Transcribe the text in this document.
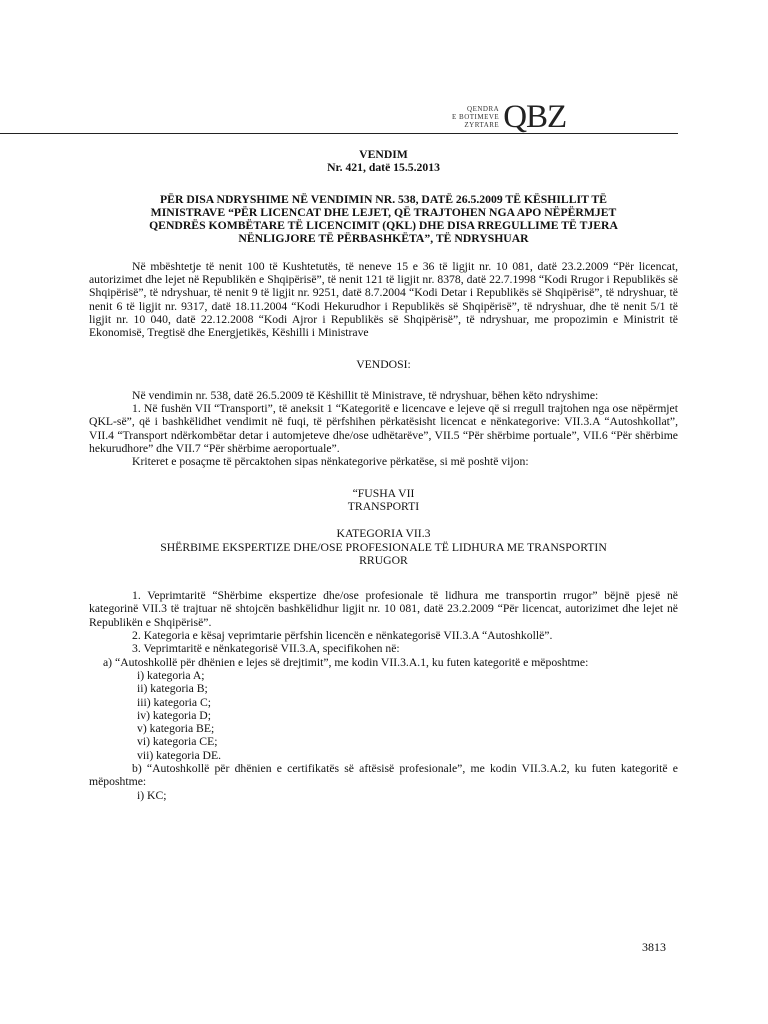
QENDRA
E BOTIMEVE
ZYRTARE QBZ

VENDIM

Nr. 421, datë 15.5.2013

PËR DISA NDRYSHIME NË VENDIMIN NR. 538, DATË 26.5.2009 TË KËSHILLIT TË

MINISTRAVE “PËR LICENCAT DHE LEJET, QË TRAJTOHEN NGA APO NËPËRMJET

QENDRËS KOMBËTARE TË LICENCIMIT (QKL) DHE DISA RREGULLIME TË TJERA

NËNLIGJORE TË PËRBASHKËTA”, TË NDRYSHUAR

Në mbështetje të nenit 100 të Kushtetutës, të neneve 15 e 36 të ligjit nr. 10 081, datë 23.2.2009 “Për licencat, autorizimet dhe lejet në Republikën e Shqipërisë”, të nenit 121 të ligjit nr. 8378, datë 22.7.1998 “Kodi Rrugor i Republikës së Shqipërisë”, të ndryshuar, të nenit 9 të ligjit nr. 9251, datë 8.7.2004 “Kodi Detar i Republikës së Shqipërisë”, të ndryshuar, të nenit 6 të ligjit nr. 9317, datë 18.11.2004 “Kodi Hekurudhor i Republikës së Shqipërisë”, të ndryshuar, dhe të nenit 5/1 të ligjit nr. 10 040, datë 22.12.2008 “Kodi Ajror i Republikës së Shqipërisë”, të ndryshuar, me propozimin e Ministrit të Ekonomisë, Tregtisë dhe Energjetikës, Këshilli i Ministrave

VENDOSI:

Në vendimin nr. 538, datë 26.5.2009 të Këshillit të Ministrave, të ndryshuar, bëhen këto ndryshime:

1. Në fushën VII “Transporti”, të aneksit 1 “Kategoritë e licencave e lejeve që si rregull trajtohen nga ose nëpërmjet QKL-së”, që i bashkëlidhet vendimit në fuqi, të përfshihen përkatësisht licencat e nënkategorive: VII.3.A “Autoshkollat”, VII.4 “Transport ndërkombëtar detar i automjeteve dhe/ose udhëtarëve”, VII.5 “Për shërbime portuale”, VII.6 “Për shërbime hekurudhore” dhe VII.7 “Për shërbime aeroportuale”.

Kriteret e posaçme të përcaktohen sipas nënkategorive përkatëse, si më poshtë vijon:

“FUSHA VII

TRANSPORTI

KATEGORIA VII.3

SHËRBIME EKSPERTIZE DHE/OSE PROFESIONALE TË LIDHURA ME TRANSPORTIN

RRUGOR

1. Veprimtaritë “Shërbime ekspertize dhe/ose profesionale të lidhura me transportin rrugor” bëjnë pjesë në kategorinë VII.3 të trajtuar në shtojcën bashkëlidhur ligjit nr. 10 081, datë 23.2.2009 “Për licencat, autorizimet dhe lejet në Republikën e Shqipërisë”.

2. Kategoria e kësaj veprimtarie përfshin licencën e nënkategorisë VII.3.A “Autoshkollë”.

3. Veprimtaritë e nënkategorisë VII.3.A, specifikohen në:

a) “Autoshkollë për dhënien e lejes së drejtimit”, me kodin VII.3.A.1, ku futen kategoritë e mëposhtme:

i) kategoria A;

ii) kategoria B;

iii) kategoria C;

iv) kategoria D;

v) kategoria BE;

vi) kategoria CE;

vii) kategoria DE.

b) “Autoshkollë për dhënien e certifikatës së aftësisë profesionale”, me kodin VII.3.A.2, ku futen kategoritë e mëposhtme:

i) KC;

3813
